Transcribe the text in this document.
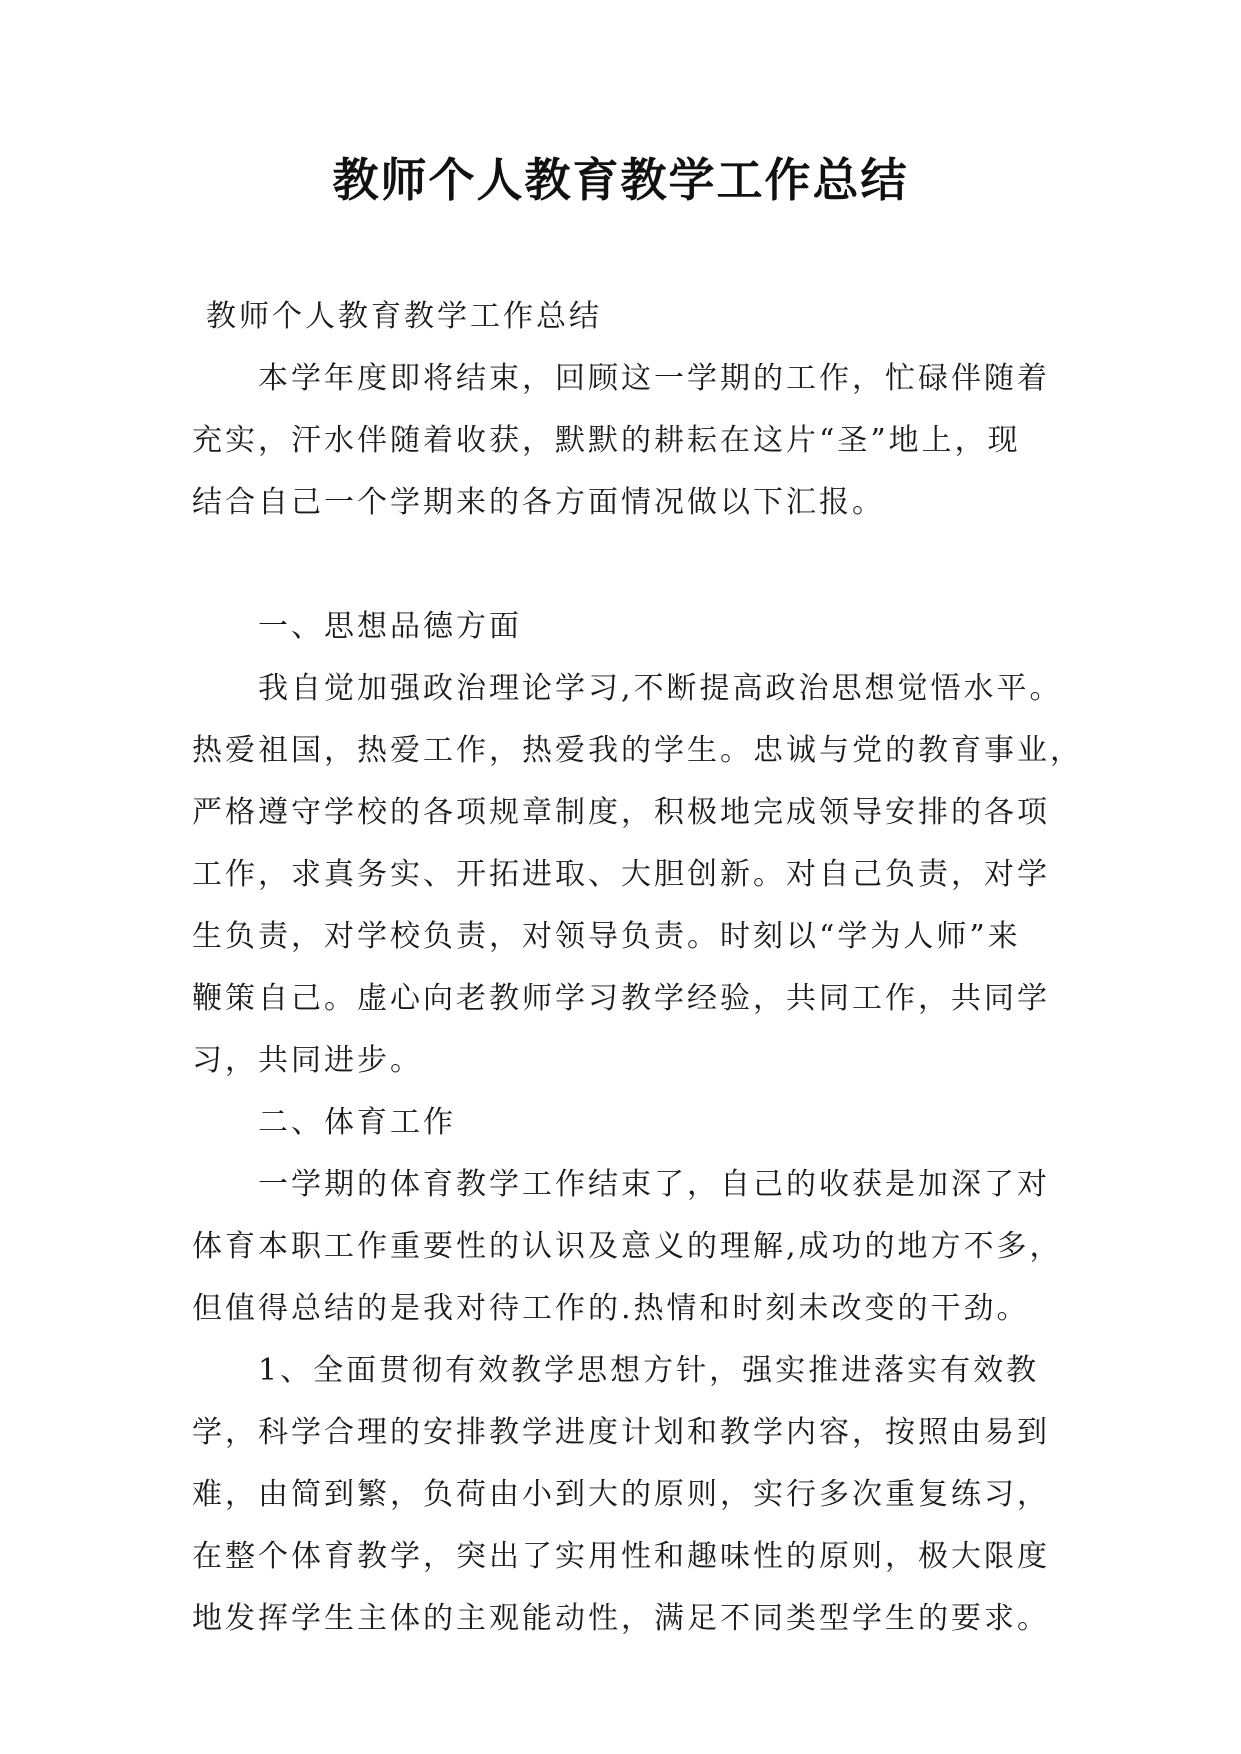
教师个人教育教学工作总结
教师个人教育教学工作总结
本学年度即将结束，回顾这一学期的工作，忙碌伴随着
充实，汗水伴随着收获，默默的耕耘在这片“圣”地上，现
结合自己一个学期来的各方面情况做以下汇报。
一、思想品德方面
我自觉加强政治理论学习,不断提高政治思想觉悟水平。
热爱祖国，热爱工作，热爱我的学生。忠诚与党的教育事业，
严格遵守学校的各项规章制度，积极地完成领导安排的各项
工作，求真务实、开拓进取、大胆创新。对自己负责，对学
生负责，对学校负责，对领导负责。时刻以“学为人师”来
鞭策自己。虚心向老教师学习教学经验，共同工作，共同学
习，共同进步。
二、体育工作
一学期的体育教学工作结束了，自己的收获是加深了对
体育本职工作重要性的认识及意义的理解,成功的地方不多，
但值得总结的是我对待工作的.热情和时刻未改变的干劲。
1、全面贯彻有效教学思想方针，强实推进落实有效教
学，科学合理的安排教学进度计划和教学内容，按照由易到
难，由简到繁，负荷由小到大的原则，实行多次重复练习，
在整个体育教学，突出了实用性和趣味性的原则，极大限度
地发挥学生主体的主观能动性，满足不同类型学生的要求。
